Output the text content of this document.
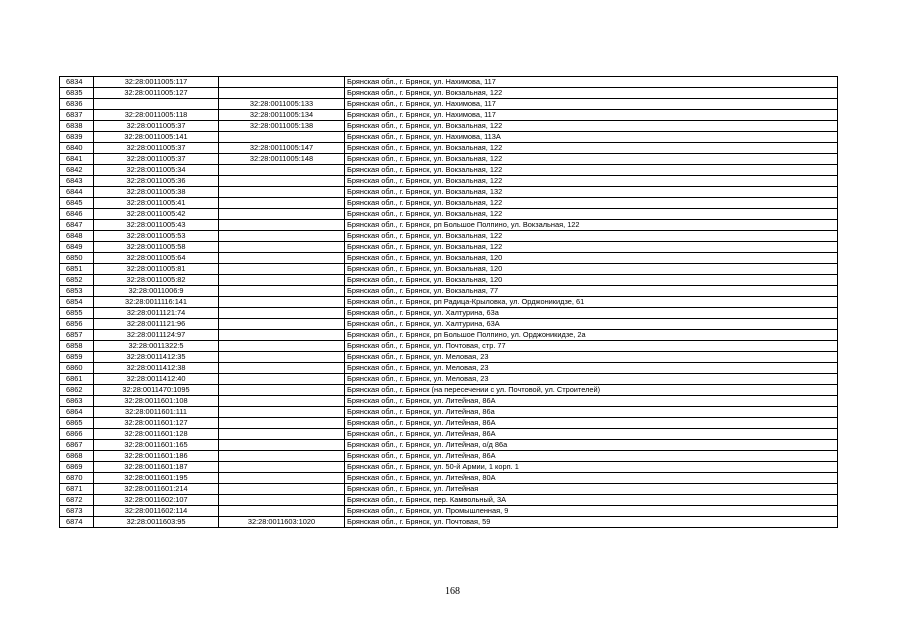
6834	32:28:0011005:117		Брянская обл., г. Брянск, ул. Нахимова, 117
6835	32:28:0011005:127		Брянская обл., г. Брянск, ул. Вокзальная, 122
6836		32:28:0011005:133	Брянская обл., г. Брянск, ул. Нахимова, 117
6837	32:28:0011005:118	32:28:0011005:134	Брянская обл., г. Брянск, ул. Нахимова, 117
6838	32:28:0011005:37	32:28:0011005:138	Брянская обл., г. Брянск, ул. Вокзальная, 122
6839	32:28:0011005:141		Брянская обл., г. Брянск, ул. Нахимова, 113А
6840	32:28:0011005:37	32:28:0011005:147	Брянская обл., г. Брянск, ул. Вокзальная, 122
6841	32:28:0011005:37	32:28:0011005:148	Брянская обл., г. Брянск, ул. Вокзальная, 122
6842	32:28:0011005:34		Брянская обл., г. Брянск, ул. Вокзальная, 122
6843	32:28:0011005:36		Брянская обл., г. Брянск, ул. Вокзальная, 122
6844	32:28:0011005:38		Брянская обл., г. Брянск, ул. Вокзальная, 132
6845	32:28:0011005:41		Брянская обл., г. Брянск, ул. Вокзальная, 122
6846	32:28:0011005:42		Брянская обл., г. Брянск, ул. Вокзальная, 122
6847	32:28:0011005:43		Брянская обл., г. Брянск, рп Большое Полпино, ул. Вокзальная, 122
6848	32:28:0011005:53		Брянская обл., г. Брянск, ул. Вокзальная, 122
6849	32:28:0011005:58		Брянская обл., г. Брянск, ул. Вокзальная, 122
6850	32:28:0011005:64		Брянская обл., г. Брянск, ул. Вокзальная, 120
6851	32:28:0011005:81		Брянская обл., г. Брянск, ул. Вокзальная, 120
6852	32:28:0011005:82		Брянская обл., г. Брянск, ул. Вокзальная, 120
6853	32:28:0011006:9		Брянская обл., г. Брянск, ул. Вокзальная, 77
6854	32:28:0011116:141		Брянская обл., г. Брянск, рп Радица-Крыловка, ул. Орджоникидзе, 61
6855	32:28:0011121:74		Брянская обл., г. Брянск, ул. Халтурина, 63а
6856	32:28:0011121:96		Брянская обл., г. Брянск, ул. Халтурина, 63А
6857	32:28:0011124:97		Брянская обл., г. Брянск, рп Большое Полпино, ул. Орджоникидзе, 2а
6858	32:28:0011322:5		Брянская обл., г. Брянск, ул. Почтовая, стр. 77
6859	32:28:0011412:35		Брянская обл., г. Брянск, ул. Меловая, 23
6860	32:28:0011412:38		Брянская обл., г. Брянск, ул. Меловая, 23
6861	32:28:0011412:40		Брянская обл., г. Брянск, ул. Меловая, 23
6862	32:28:0011470:1095		Брянская обл., г. Брянск (на пересечении с ул. Почтовой, ул. Строителей)
6863	32:28:0011601:108		Брянская обл., г. Брянск, ул. Литейная, 86А
6864	32:28:0011601:111		Брянская обл., г. Брянск, ул. Литейная, 86а
6865	32:28:0011601:127		Брянская обл., г. Брянск, ул. Литейная, 86А
6866	32:28:0011601:128		Брянская обл., г. Брянск, ул. Литейная, 86А
6867	32:28:0011601:165		Брянская обл., г. Брянск, ул. Литейная, о/д 86а
6868	32:28:0011601:186		Брянская обл., г. Брянск, ул. Литейная, 86А
6869	32:28:0011601:187		Брянская обл., г. Брянск, ул. 50-й Армии, 1 корп. 1
6870	32:28:0011601:195		Брянская обл., г. Брянск, ул. Литейная, 80А
6871	32:28:0011601:214		Брянская обл., г. Брянск, ул. Литейная
6872	32:28:0011602:107		Брянская обл., г. Брянск, пер. Камвольный, 3А
6873	32:28:0011602:114		Брянская обл., г. Брянск, ул. Промышленная, 9
6874	32:28:0011603:95	32:28:0011603:1020	Брянская обл., г. Брянск, ул. Почтовая, 59
168
